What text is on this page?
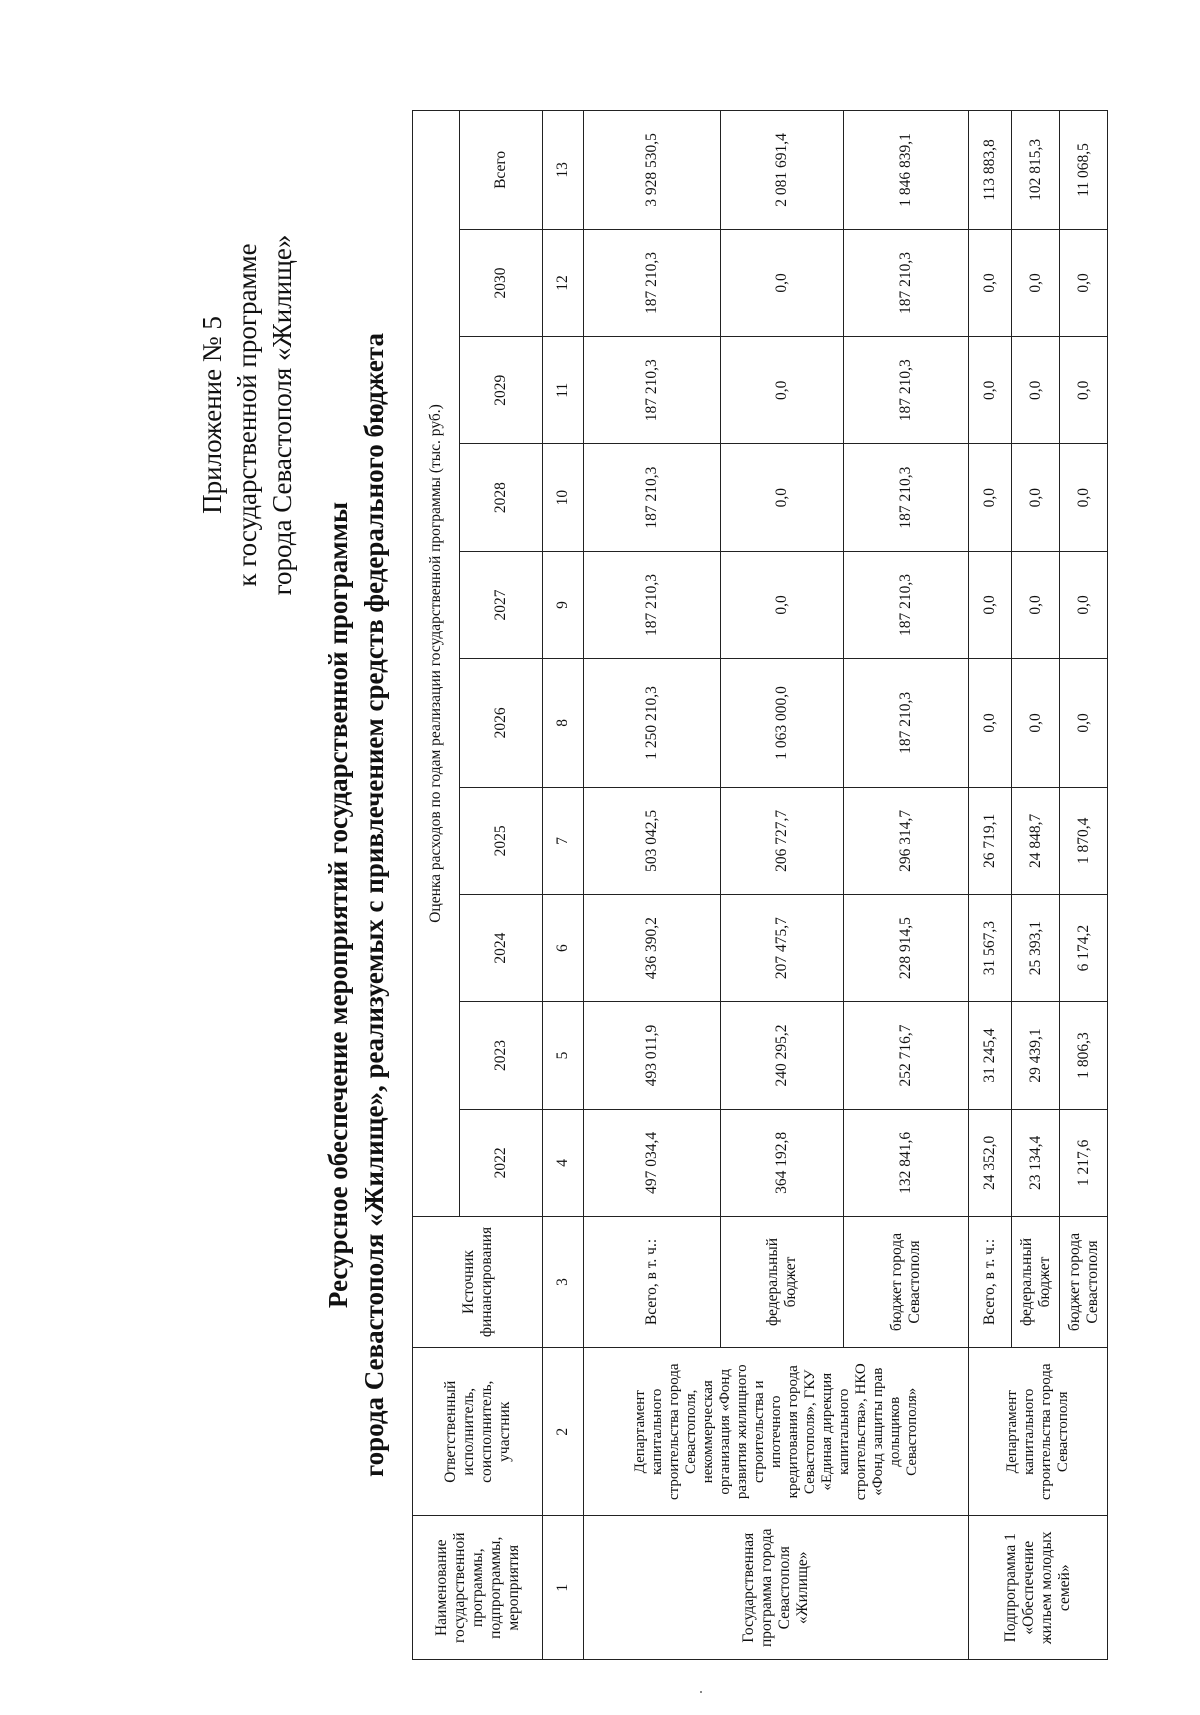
Приложение № 5 к государственной программе города Севастополя «Жилище»
Ресурсное обеспечение мероприятий государственной программы города Севастополя «Жилище», реализуемых с привлечением средств федерального бюджета
Наименование государственной программы, подпрограммы, мероприятия	Ответственный исполнитель, соисполнитель, участник	Источник финансирования	Оценка расходов по годам реализации государственной программы (тыс. руб.)									
			2022	2023	2024	2025	2026	2027	2028	2029	2030	Всего
1	2	3	4	5	6	7	8	9	10	11	12	13
Государственная программа города Севастополя «Жилище»	Департамент капитального строительства города Севастополя, некоммерческая организация «Фонд развития жилищного строительства и ипотечного кредитования города Севастополя», ГКУ «Единая дирекция капитального строительства», НКО «Фонд защиты прав дольщиков Севастополя»	Всего, в т. ч.:	497 034,4	493 011,9	436 390,2	503 042,5	1 250 210,3	187 210,3	187 210,3	187 210,3	187 210,3	3 928 530,5
		федеральный бюджет	364 192,8	240 295,2	207 475,7	206 727,7	1 063 000,0	0,0	0,0	0,0	0,0	2 081 691,4
		бюджет города Севастополя	132 841,6	252 716,7	228 914,5	296 314,7	187 210,3	187 210,3	187 210,3	187 210,3	187 210,3	1 846 839,1
Подпрограмма 1 «Обеспечение жильем молодых семей»	Департамент капитального строительства города Севастополя	Всего, в т. ч.:	24 352,0	31 245,4	31 567,3	26 719,1	0,0	0,0	0,0	0,0	0,0	113 883,8
		федеральный бюджет	23 134,4	29 439,1	25 393,1	24 848,7	0,0	0,0	0,0	0,0	0,0	102 815,3
		бюджет города Севастополя	1 217,6	1 806,3	6 174,2	1 870,4	0,0	0,0	0,0	0,0	0,0	11 068,5
